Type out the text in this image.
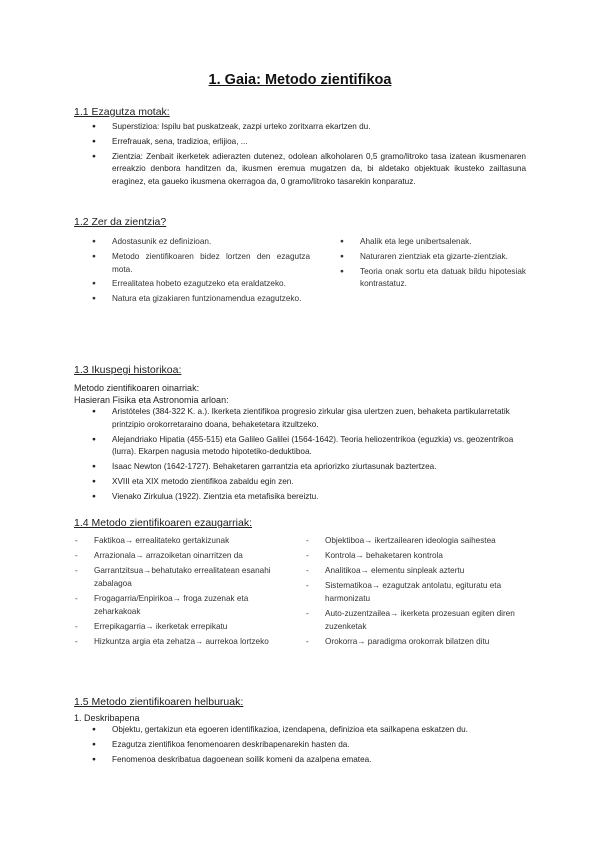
1. Gaia: Metodo zientifikoa
1.1 Ezagutza motak:
● Superstizioa: Ispilu bat puskatzeak, zazpi urteko zoritxarra ekartzen du.
● Errefrauak, sena, tradizioa, erlijioa, ...
● Zientzia: Zenbait ikerketek adierazten dutenez, odolean alkoholaren 0,5 gramo/litroko tasa izatean ikusmenaren erreakzio denbora handitzen da, ikusmen eremua mugatzen da, bi aldetako objektuak ikusteko zailtasuna eraginez, eta gaueko ikusmena okerragoa da, 0 gramo/litroko tasarekin konparatuz.
1.2 Zer da zientzia?
● Adostasunik ez definizioan.
● Metodo zientifikoaren bidez lortzen den ezagutza mota.
● Errealitatea hobeto ezagutzeko eta eraldatzeko.
● Natura eta gizakiaren funtzionamendua ezagutzeko.
● Ahalik eta lege unibertsalenak.
● Naturaren zientziak eta gizarte-zientziak.
● Teoria onak sortu eta datuak bildu hipotesiak kontrastatuz.
1.3 Ikuspegi historikoa:
Metodo zientifikoaren oinarriak:
Hasieran Fisika eta Astronomia arloan:
● Aristóteles (384-322 K. a.). Ikerketa zientifikoa progresio zirkular gisa ulertzen zuen, behaketa partikularretatik printzipio orokorretaraino doana, behaketetara itzultzeko.
● Alejandriako Hipatia (455-515) eta Galileo Galilei (1564-1642). Teoria heliozentrikoa (eguzkia) vs. geozentrikoa (lurra). Ekarpen nagusia metodo hipotetiko-deduktiboa.
● Isaac Newton (1642-1727). Behaketaren garrantzia eta apriorizko ziurtasunak baztertzea.
● XVIII eta XIX metodo zientifikoa zabaldu egin zen.
● Vienako Zirkulua (1922). Zientzia eta metafisika bereiztu.
1.4 Metodo zientifikoaren ezaugarriak:
- Faktikoa→ errealitateko gertakizunak
- Arrazionala→ arrazoiketan oinarritzen da
- Garrantzitsua→behatutako errealitatean esanahi zabalagoa
- Frogagarria/Enpirikoa→ froga zuzenak eta zeharkakoak
- Errepikagarria→ ikerketak errepikatu
- Hizkuntza argia eta zehatza→ aurrekoa lortzeko
- Objektiboa→ ikertzailearen ideologia saihestea
- Kontrola→ behaketaren kontrola
- Analitikoa→ elementu sinpleak aztertu
- Sistematikoa→ ezagutzak antolatu, egituratu eta harmonizatu
- Auto-zuzentzailea→ ikerketa prozesuan egiten diren zuzenketak
- Orokorra→ paradigma orokorrak bilatzen ditu
1.5 Metodo zientifikoaren helburuak:
1. Deskribapena
● Objektu, gertakizun eta egoeren identifikazioa, izendapena, definizioa eta sailkapena eskatzen du.
● Ezagutza zientifikoa fenomenoaren deskribapenarekin hasten da.
● Fenomenoa deskribatua dagoenean soilik komeni da azalpena ematea.
